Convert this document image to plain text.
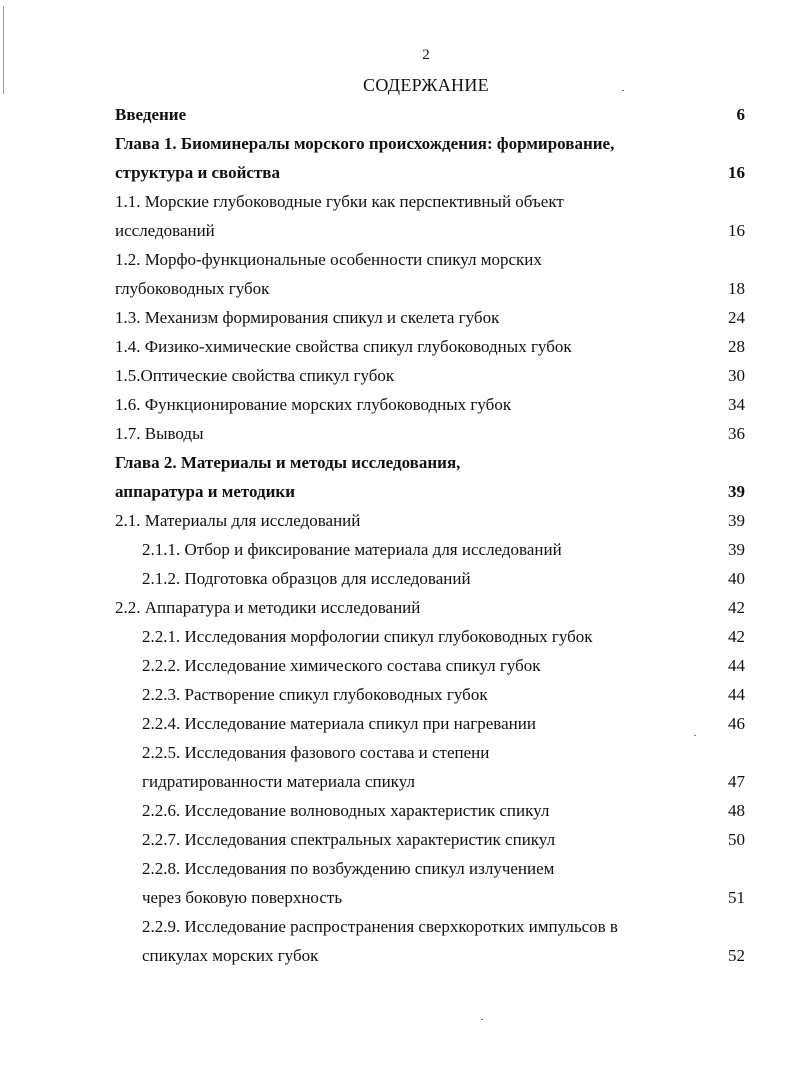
2
СОДЕРЖАНИЕ
Введение	6
Глава 1. Биоминералы морского происхождения: формирование,
структура и свойства	16
1.1. Морские глубоководные губки как перспективный объект
исследований	16
1.2. Морфо-функциональные особенности спикул морских
глубоководных губок	18
1.3. Механизм формирования спикул и скелета губок	24
1.4. Физико-химические свойства спикул глубоководных губок	28
1.5.Оптические свойства спикул губок	30
1.6. Функционирование морских глубоководных губок	34
1.7. Выводы	36
Глава 2. Материалы и методы исследования,
аппаратура и методики	39
2.1. Материалы для исследований	39
2.1.1. Отбор и фиксирование материала для исследований	39
2.1.2. Подготовка образцов для исследований	40
2.2. Аппаратура и методики исследований	42
2.2.1. Исследования морфологии спикул глубоководных губок	42
2.2.2. Исследование химического состава спикул губок	44
2.2.3. Растворение спикул глубоководных губок	44
2.2.4. Исследование материала спикул при нагревании	46
2.2.5. Исследования фазового состава и степени
гидратированности материала спикул	47
2.2.6. Исследование волноводных характеристик спикул	48
2.2.7. Исследования спектральных характеристик спикул	50
2.2.8. Исследования по возбуждению спикул излучением
через боковую поверхность	51
2.2.9. Исследование распространения сверхкоротких импульсов в
спикулах морских губок	52
